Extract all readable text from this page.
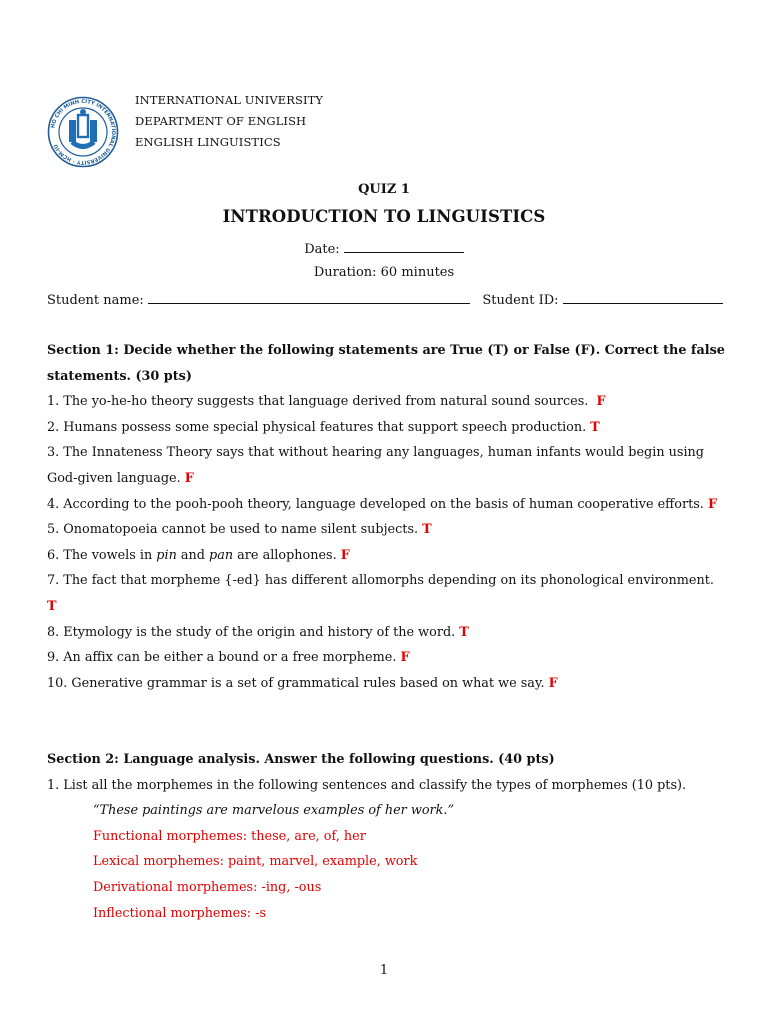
HO CHI MINH CITY INTERNATIONAL UNIVERSITY · HCM-IU
INTERNATIONAL UNIVERSITY
DEPARTMENT OF ENGLISH
ENGLISH LINGUISTICS
QUIZ 1
INTRODUCTION TO LINGUISTICS
Date:
Duration: 60 minutes
Student name:	Student ID:
Section 1: Decide whether the following statements are True (T) or False (F). Correct the false statements. (30 pts)
1. The yo-he-ho theory suggests that language derived from natural sound sources. F
2. Humans possess some special physical features that support speech production. T
3. The Innateness Theory says that without hearing any languages, human infants would begin using God-given language. F
4. According to the pooh-pooh theory, language developed on the basis of human cooperative efforts. F
5. Onomatopoeia cannot be used to name silent subjects. T
6. The vowels in pin and pan are allophones. F
7. The fact that morpheme {-ed} has different allomorphs depending on its phonological environment. T
8. Etymology is the study of the origin and history of the word. T
9. An affix can be either a bound or a free morpheme. F
10. Generative grammar is a set of grammatical rules based on what we say. F
Section 2: Language analysis. Answer the following questions. (40 pts)
1. List all the morphemes in the following sentences and classify the types of morphemes (10 pts).
“These paintings are marvelous examples of her work.”
Functional morphemes: these, are, of, her
Lexical morphemes: paint, marvel, example, work
Derivational morphemes: -ing, -ous
Inflectional morphemes: -s
1
